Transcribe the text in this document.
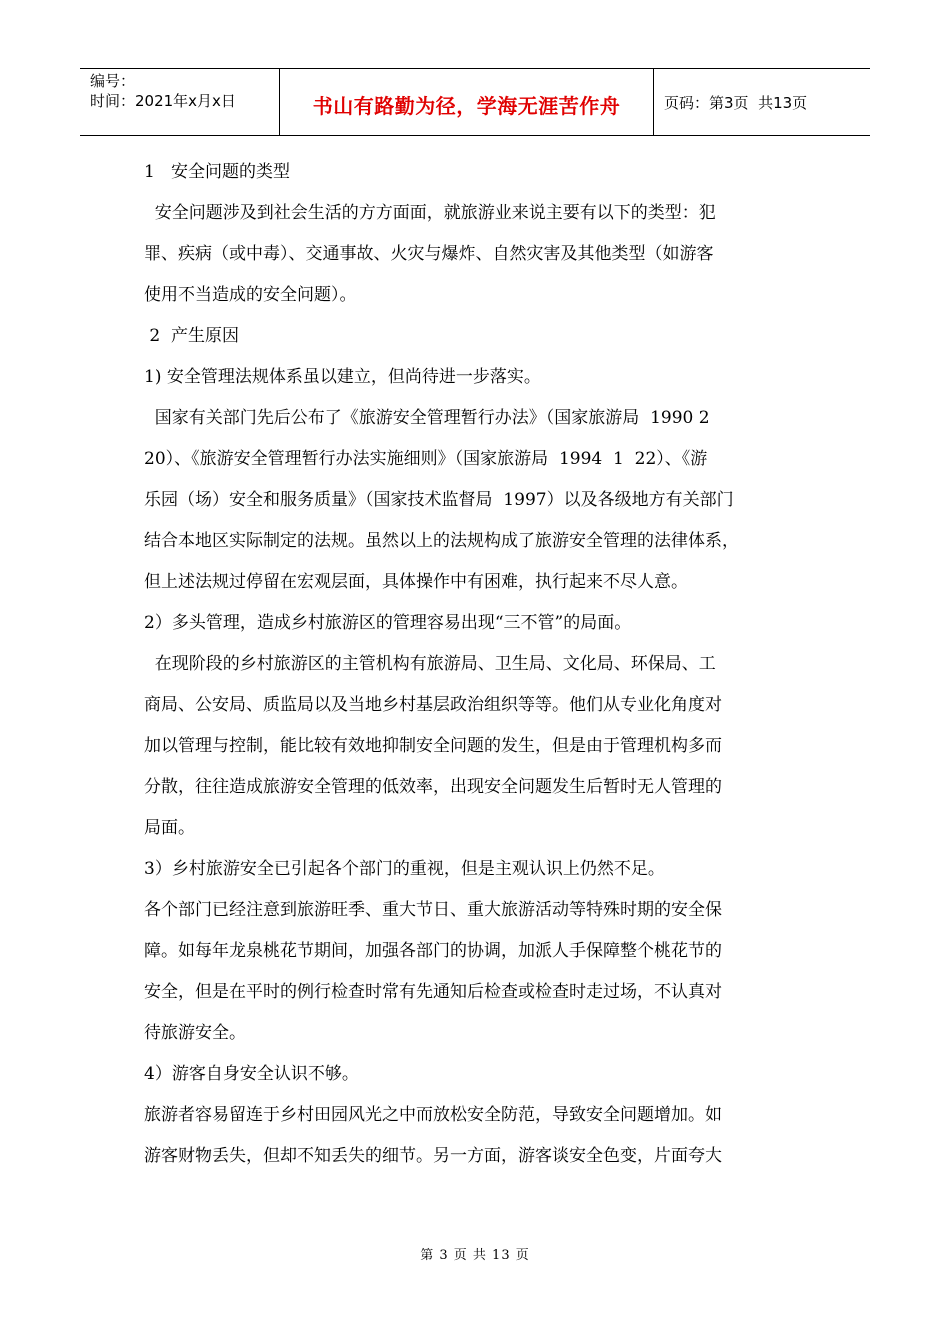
编号：
时间：2021年x月x日	书山有路勤为径，学海无涯苦作舟	页码：第3页  共13页
1   安全问题的类型
安全问题涉及到社会生活的方方面面，就旅游业来说主要有以下的类型：犯
罪、疾病（或中毒）、交通事故、火灾与爆炸、自然灾害及其他类型（如游客
使用不当造成的安全问题）。
2  产生原因
1) 安全管理法规体系虽以建立，但尚待进一步落实。
国家有关部门先后公布了《旅游安全管理暂行办法》（国家旅游局  1990 2
20）、《旅游安全管理暂行办法实施细则》（国家旅游局  1994  1  22）、《游
乐园（场）安全和服务质量》（国家技术监督局  1997）以及各级地方有关部门
结合本地区实际制定的法规。虽然以上的法规构成了旅游安全管理的法律体系，
但上述法规过停留在宏观层面，具体操作中有困难，执行起来不尽人意。
2）多头管理，造成乡村旅游区的管理容易出现“三不管”的局面。
在现阶段的乡村旅游区的主管机构有旅游局、卫生局、文化局、环保局、工
商局、公安局、质监局以及当地乡村基层政治组织等等。他们从专业化角度对
加以管理与控制，能比较有效地抑制安全问题的发生，但是由于管理机构多而
分散，往往造成旅游安全管理的低效率，出现安全问题发生后暂时无人管理的
局面。
3）乡村旅游安全已引起各个部门的重视，但是主观认识上仍然不足。
各个部门已经注意到旅游旺季、重大节日、重大旅游活动等特殊时期的安全保
障。如每年龙泉桃花节期间，加强各部门的协调，加派人手保障整个桃花节的
安全，但是在平时的例行检查时常有先通知后检查或检查时走过场，不认真对
待旅游安全。
4）游客自身安全认识不够。
旅游者容易留连于乡村田园风光之中而放松安全防范，导致安全问题增加。如
游客财物丢失，但却不知丢失的细节。另一方面，游客谈安全色变，片面夸大
第 3 页 共 13 页
